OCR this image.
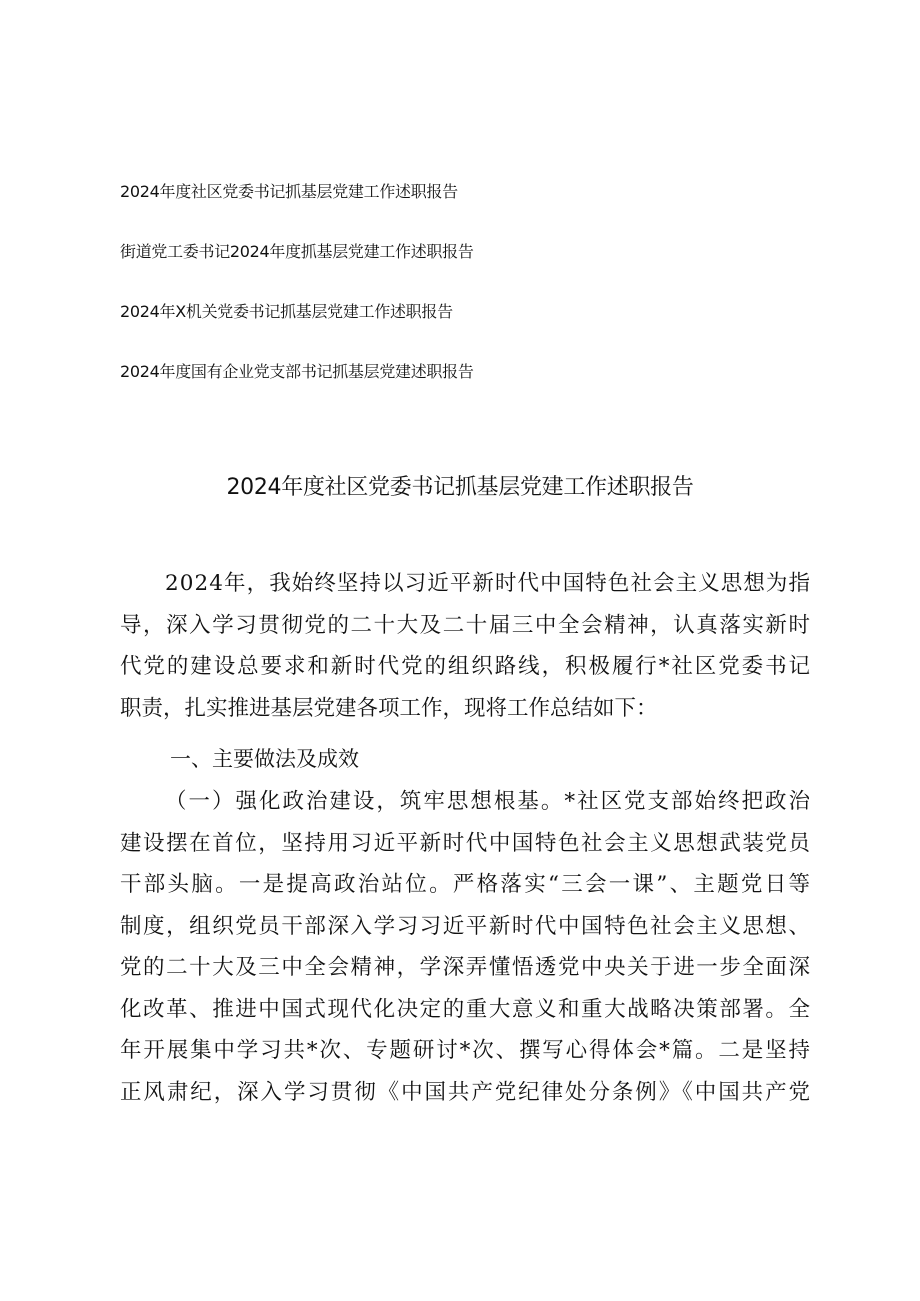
2024年度社区党委书记抓基层党建工作述职报告
街道党工委书记2024年度抓基层党建工作述职报告
2024年X机关党委书记抓基层党建工作述职报告
2024年度国有企业党支部书记抓基层党建述职报告
2024年度社区党委书记抓基层党建工作述职报告
2024年，我始终坚持以习近平新时代中国特色社会主义思想为指
导，深入学习贯彻党的二十大及二十届三中全会精神，认真落实新时
代党的建设总要求和新时代党的组织路线，积极履行*社区党委书记
职责，扎实推进基层党建各项工作，现将工作总结如下：
一、主要做法及成效
（一）强化政治建设，筑牢思想根基。*社区党支部始终把政治
建设摆在首位，坚持用习近平新时代中国特色社会主义思想武装党员
干部头脑。一是提高政治站位。严格落实“三会一课”、主题党日等
制度，组织党员干部深入学习习近平新时代中国特色社会主义思想、
党的二十大及三中全会精神，学深弄懂悟透党中央关于进一步全面深
化改革、推进中国式现代化决定的重大意义和重大战略决策部署。全
年开展集中学习共*次、专题研讨*次、撰写心得体会*篇。二是坚持
正风肃纪，深入学习贯彻《中国共产党纪律处分条例》《中国共产党
